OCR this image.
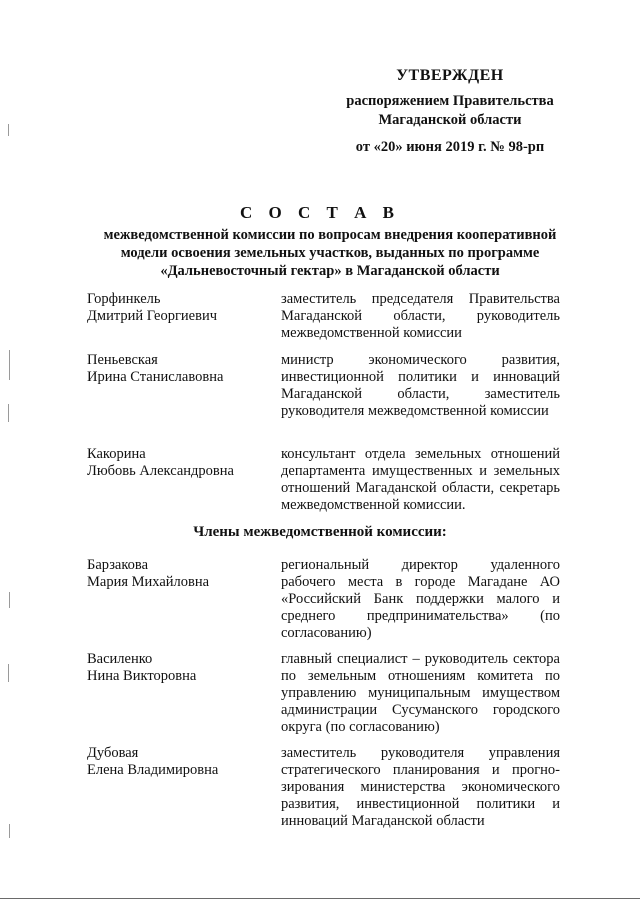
УТВЕРЖДЕН
распоряжением Правительства
Магаданской области
от «20» июня 2019 г. № 98-рп
С О С Т А В
межведомственной комиссии по вопросам внедрения кооперативной
модели освоения земельных участков, выданных по программе
«Дальневосточный гектар» в Магаданской области
Горфинкель
Дмитрий Георгиевич
заместитель председателя Правительства Магаданской области, руководитель межведомственной комиссии
Пеньевская
Ирина Станиславовна
министр экономического развития, инвестиционной политики и инноваций Магаданской области, заместитель руководителя межведомственной комиссии
Какорина
Любовь Александровна
консультант отдела земельных отношений департамента имущественных и земельных отношений Магаданской области, секретарь межведомственной комиссии.
Члены межведомственной комиссии:
Барзакова
Мария Михайловна
региональный директор удаленного рабочего места в городе Магадане АО «Российский Банк поддержки малого и среднего предпринимательства» (по согласованию)
Василенко
Нина Викторовна
главный специалист – руководитель сектора по земельным отношениям комитета по управлению муниципальным имуществом администрации Сусуманского городского округа (по согласованию)
Дубовая
Елена Владимировна
заместитель руководителя управления стратегического планирования и прогно-зирования министерства экономического развития, инвестиционной политики и инноваций Магаданской области
